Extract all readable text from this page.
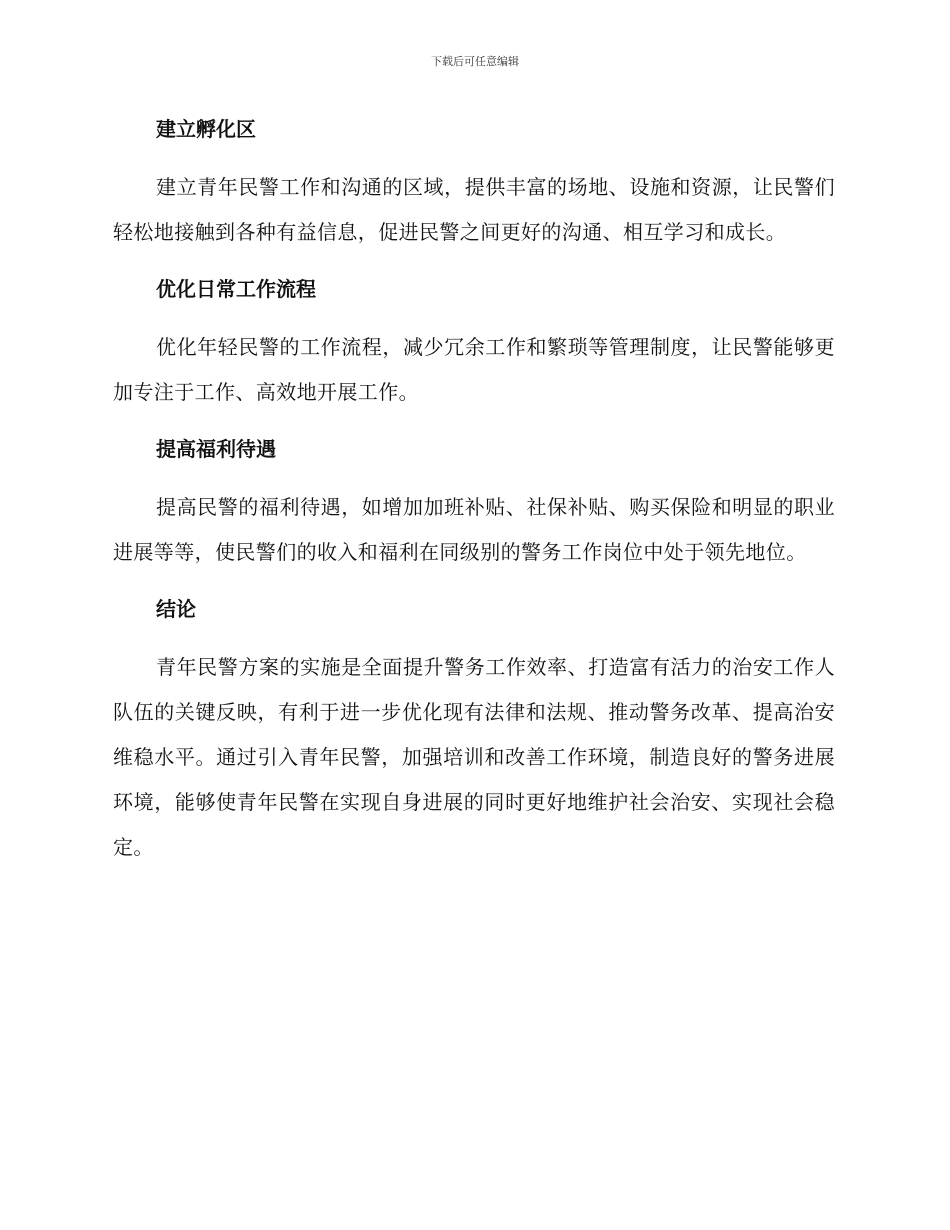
下载后可任意编辑
建立孵化区

建立青年民警工作和沟通的区域，提供丰富的场地、设施和资源，让民警们轻松地接触到各种有益信息，促进民警之间更好的沟通、相互学习和成长。

优化日常工作流程

优化年轻民警的工作流程，减少冗余工作和繁琐等管理制度，让民警能够更加专注于工作、高效地开展工作。

提高福利待遇

提高民警的福利待遇，如增加加班补贴、社保补贴、购买保险和明显的职业进展等等，使民警们的收入和福利在同级别的警务工作岗位中处于领先地位。

结论

青年民警方案的实施是全面提升警务工作效率、打造富有活力的治安工作人队伍的关键反映，有利于进一步优化现有法律和法规、推动警务改革、提高治安维稳水平。通过引入青年民警，加强培训和改善工作环境，制造良好的警务进展环境，能够使青年民警在实现自身进展的同时更好地维护社会治安、实现社会稳定。
